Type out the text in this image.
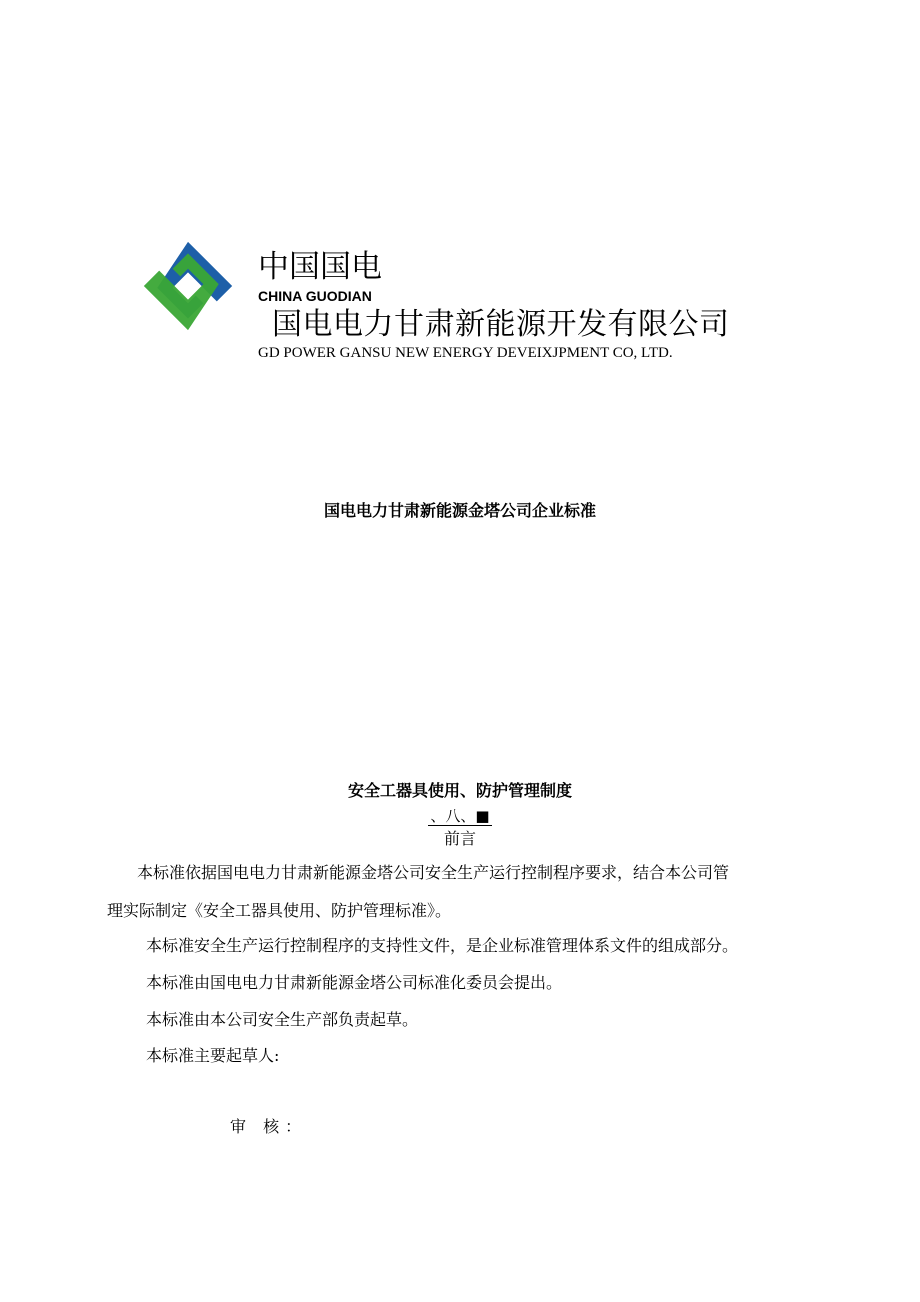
中国国电
CHINA GUODIAN
国电电力甘肃新能源开发有限公司
GD POWER GANSU NEW ENERGY DEVEIXJPMENT CO, LTD.
国电电力甘肃新能源金塔公司企业标准
安全工器具使用、防护管理制度
、八、■
前言
本标准依据国电电力甘肃新能源金塔公司安全生产运行控制程序要求，结合本公司管
理实际制定《安全工器具使用、防护管理标准》。
本标准安全生产运行控制程序的支持性文件，是企业标准管理体系文件的组成部分。
本标准由国电电力甘肃新能源金塔公司标准化委员会提出。
本标准由本公司安全生产部负责起草。
本标准主要起草人:
审 核：
